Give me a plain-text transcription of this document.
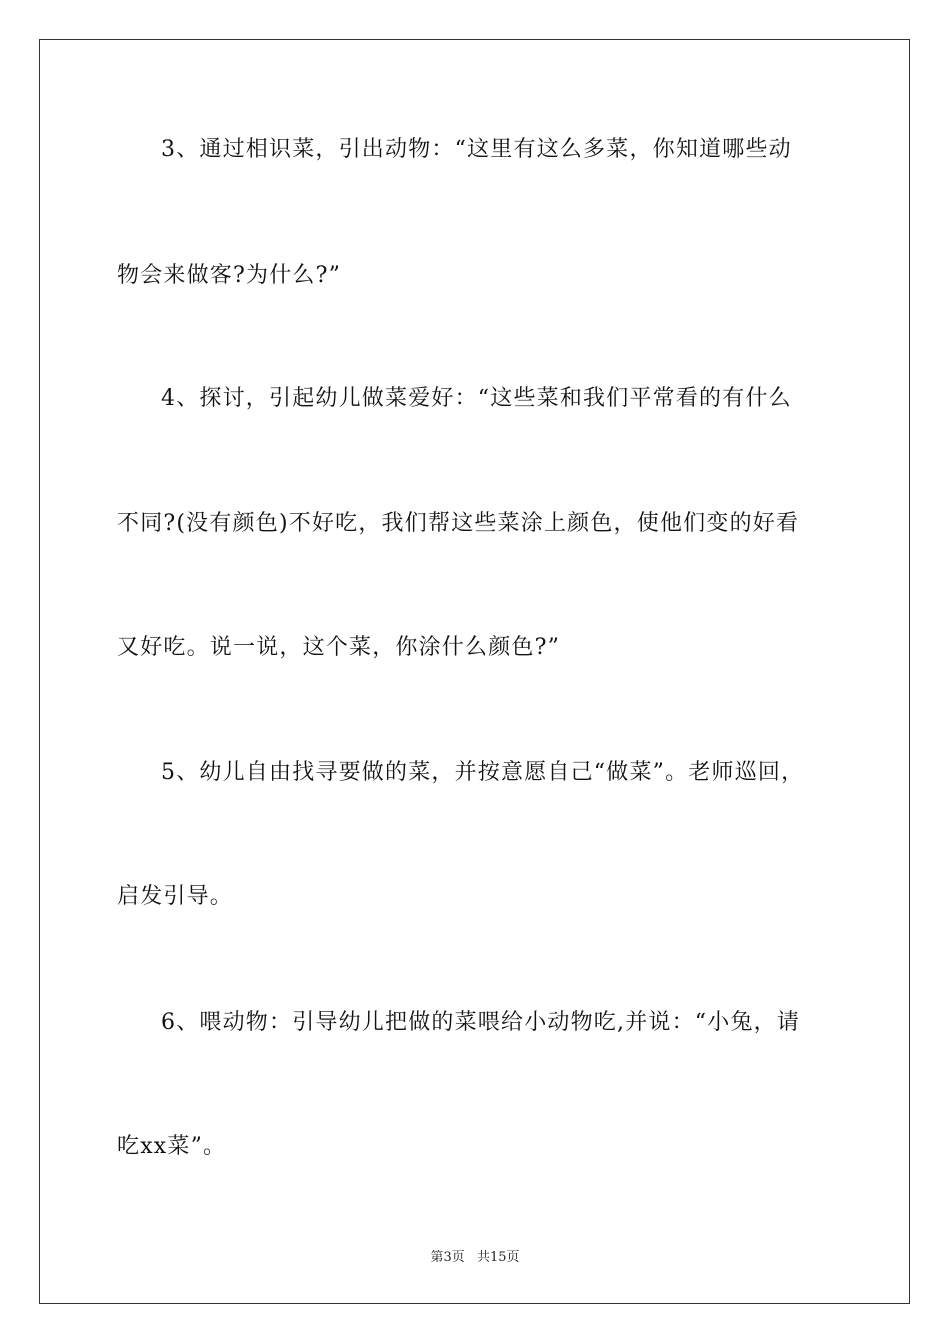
3、通过相识菜，引出动物：“这里有这么多菜，你知道哪些动
物会来做客?为什么?”
4、探讨，引起幼儿做菜爱好：“这些菜和我们平常看的有什么
不同?(没有颜色)不好吃，我们帮这些菜涂上颜色，使他们变的好看
又好吃。说一说，这个菜，你涂什么颜色?”
5、幼儿自由找寻要做的菜，并按意愿自己“做菜”。老师巡回，
启发引导。
6、喂动物：引导幼儿把做的菜喂给小动物吃,并说：“小兔，请
吃xx菜”。
第3页 共15页
